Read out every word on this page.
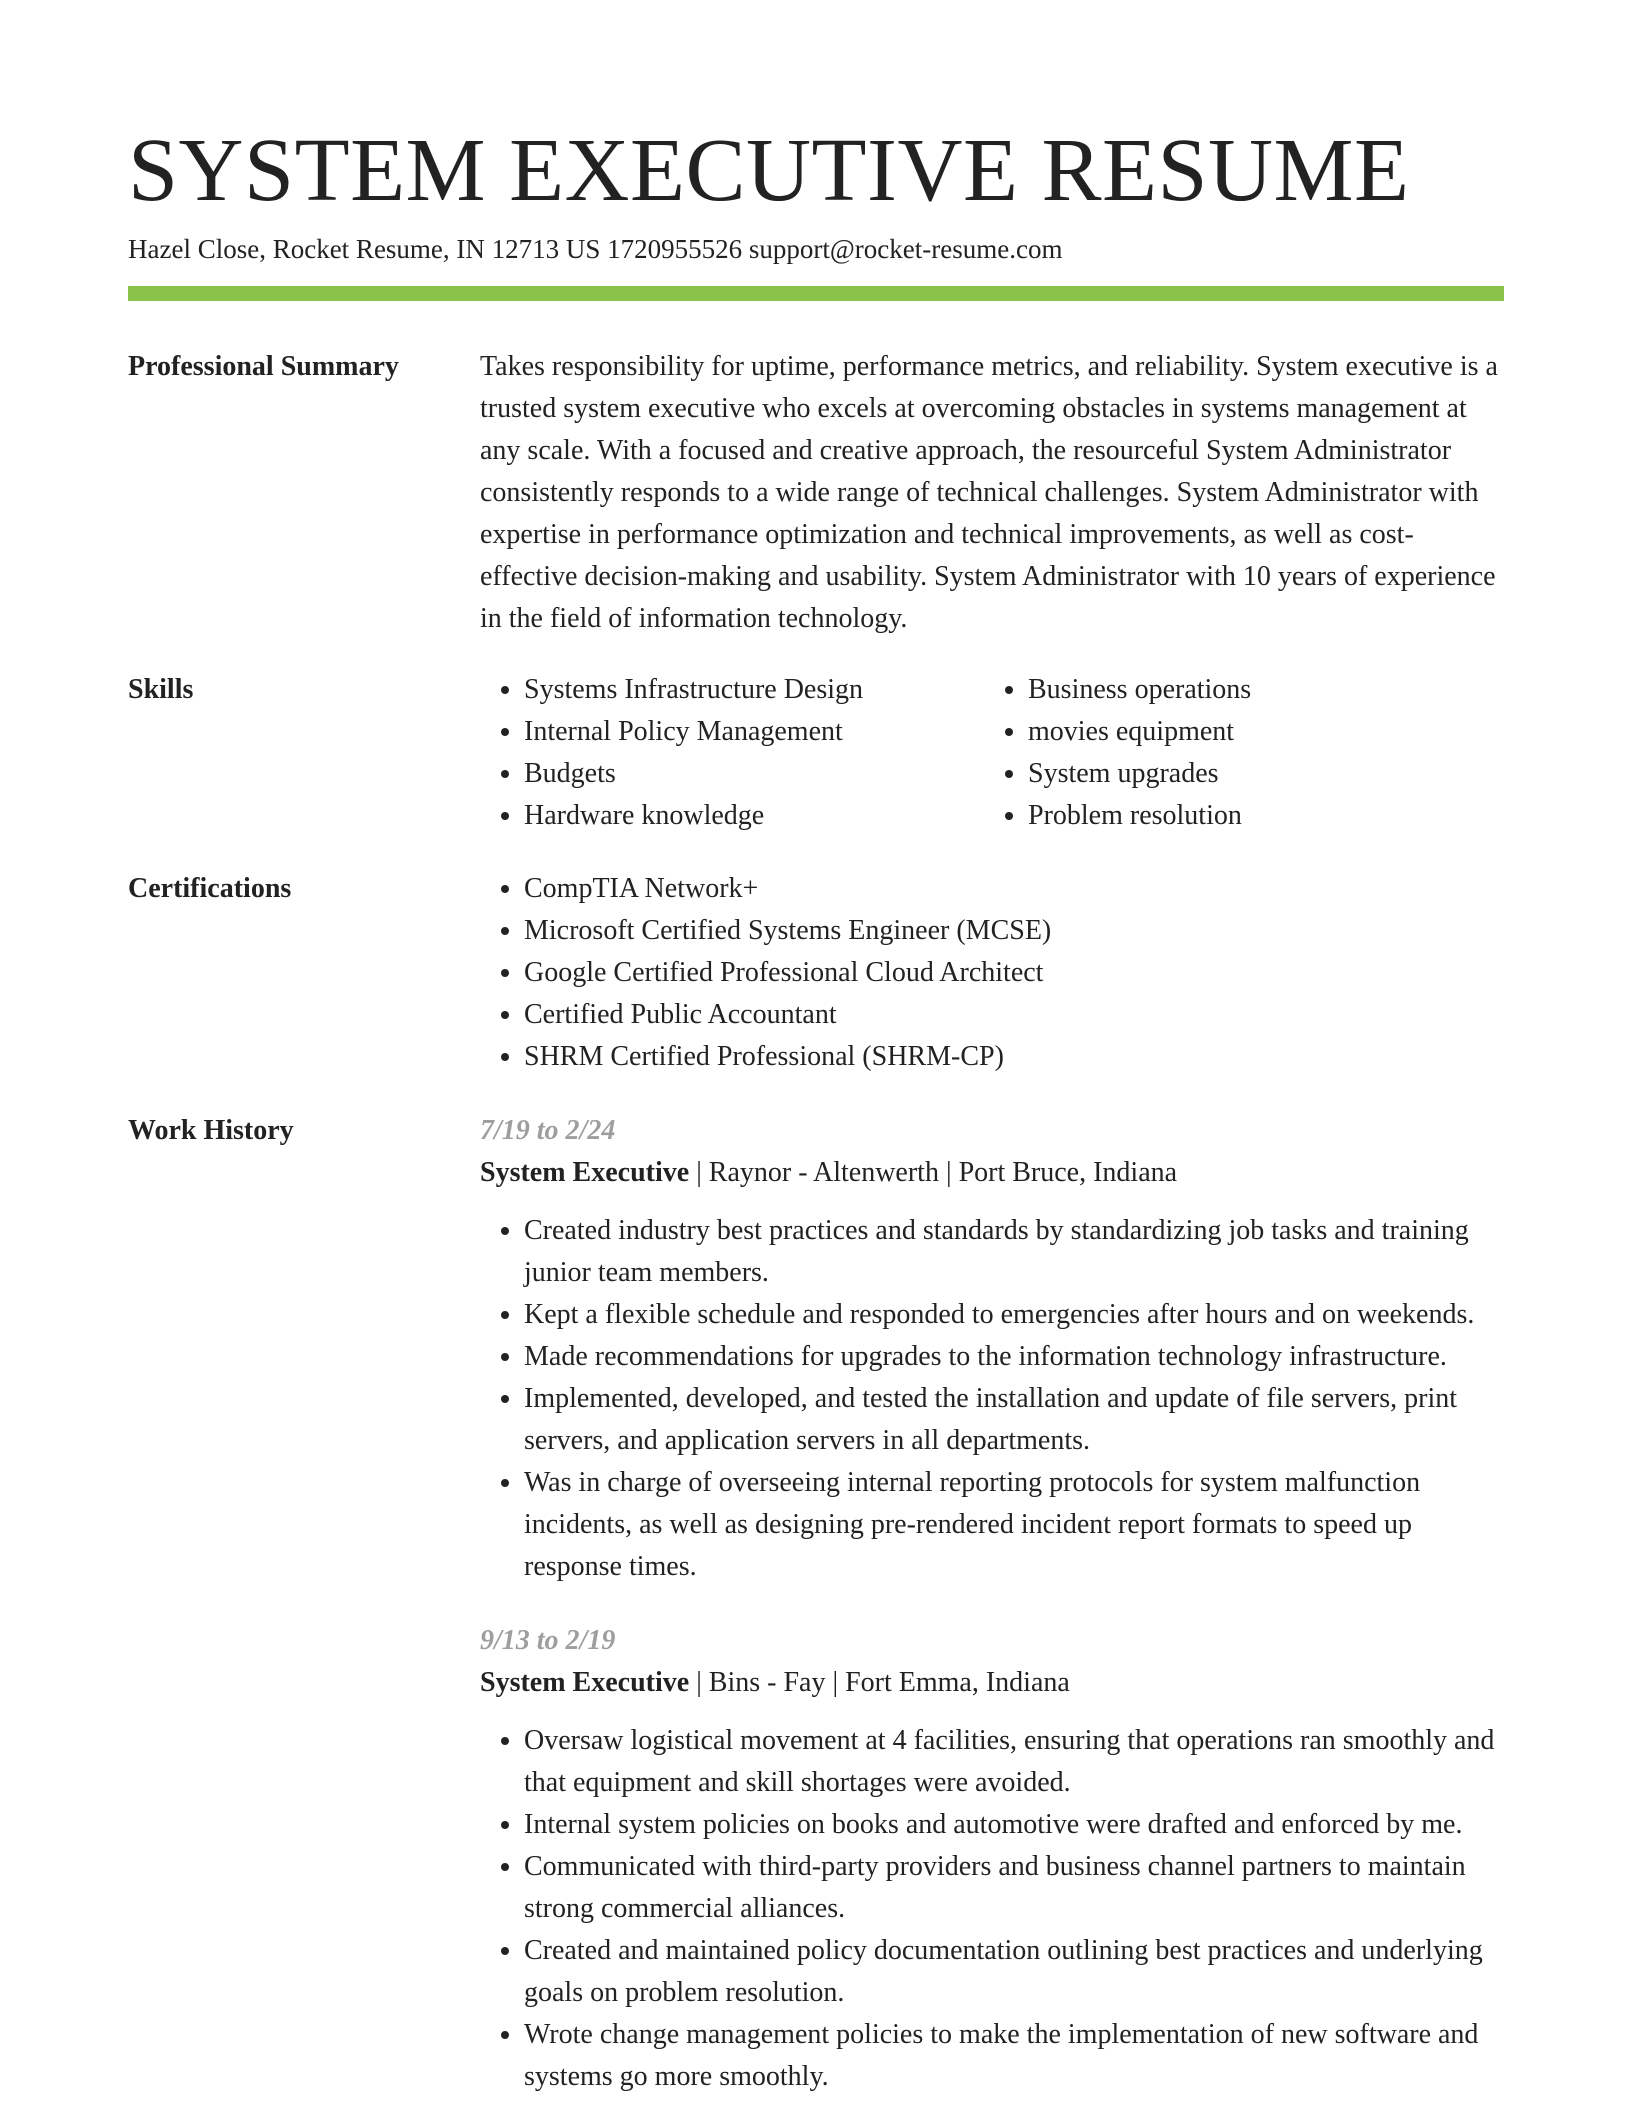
SYSTEM EXECUTIVE RESUME
Hazel Close, Rocket Resume, IN 12713 US 1720955526 support@rocket-resume.com
Professional Summary	Takes responsibility for uptime, performance metrics, and reliability. System executive is a trusted system executive who excels at overcoming obstacles in systems management at any scale. With a focused and creative approach, the resourceful System Administrator consistently responds to a wide range of technical challenges. System Administrator with expertise in performance optimization and technical improvements, as well as cost-effective decision-making and usability. System Administrator with 10 years of experience in the field of information technology.

Skills	• Systems Infrastructure Design
• Internal Policy Management
• Budgets
• Hardware knowledge
• Business operations
• movies equipment
• System upgrades
• Problem resolution
Certifications	• CompTIA Network+
• Microsoft Certified Systems Engineer (MCSE)
• Google Certified Professional Cloud Architect
• Certified Public Accountant
• SHRM Certified Professional (SHRM-CP)
Work History	7/19 to 2/24
System Executive | Raynor - Altenwerth | Port Bruce, Indiana
• Created industry best practices and standards by standardizing job tasks and training junior team members.
• Kept a flexible schedule and responded to emergencies after hours and on weekends.
• Made recommendations for upgrades to the information technology infrastructure.
• Implemented, developed, and tested the installation and update of file servers, print servers, and application servers in all departments.
• Was in charge of overseeing internal reporting protocols for system malfunction incidents, as well as designing pre-rendered incident report formats to speed up response times.
9/13 to 2/19
System Executive | Bins - Fay | Fort Emma, Indiana
• Oversaw logistical movement at 4 facilities, ensuring that operations ran smoothly and that equipment and skill shortages were avoided.
• Internal system policies on books and automotive were drafted and enforced by me.
• Communicated with third-party providers and business channel partners to maintain strong commercial alliances.
• Created and maintained policy documentation outlining best practices and underlying goals on problem resolution.
• Wrote change management policies to make the implementation of new software and systems go more smoothly.
